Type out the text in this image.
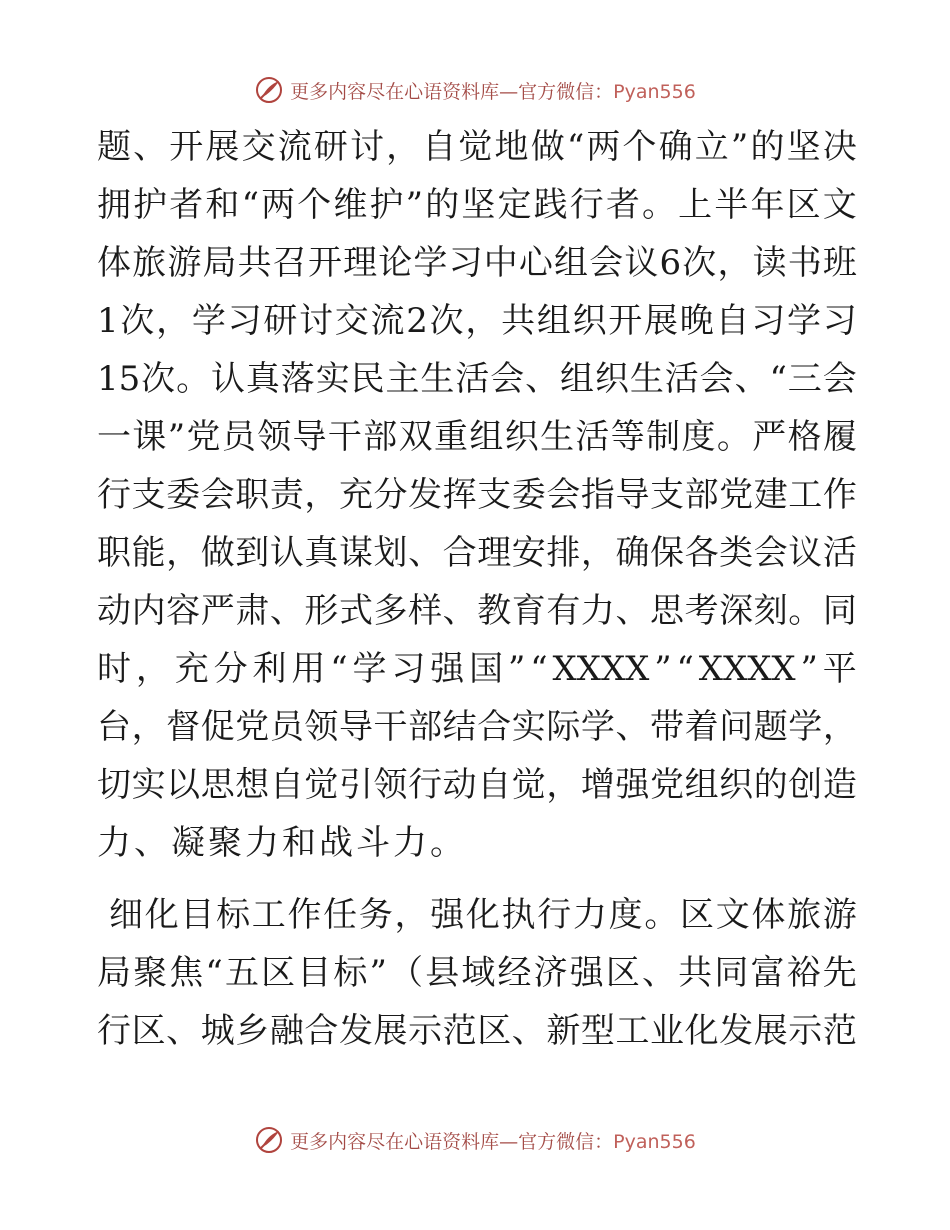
更多内容尽在心语资料库—官方微信：Pyan556
题 、 开 展 交 流 研 讨 ， 自 觉 地 做 “ 两 个 确 立 ” 的 坚 决
拥 护 者 和 “ 两 个 维 护 ” 的 坚 定 践 行 者 。 上 半 年 区 文
体 旅 游 局 共 召 开 理 论 学 习 中 心 组 会 议 6 次 ， 读 书 班
1 次 ， 学 习 研 讨 交 流 2 次 ， 共 组 织 开 展 晚 自 习 学 习
15 次 。 认 真 落 实 民 主 生 活 会 、 组 织 生 活 会 、 “ 三 会
一 课 ” 党 员 领 导 干 部 双 重 组 织 生 活 等 制 度 。 严 格 履
行 支 委 会 职 责 ， 充 分 发 挥 支 委 会 指 导 支 部 党 建 工 作
职 能 ， 做 到 认 真 谋 划 、 合 理 安 排 ， 确 保 各 类 会 议 活
动 内 容 严 肃 、 形 式 多 样 、 教 育 有 力 、 思 考 深 刻 。 同
时 ， 充 分 利 用 “ 学 习 强 国 ” “ XXXX ” “ XXXX ” 平
台 ， 督 促 党 员 领 导 干 部 结 合 实 际 学 、 带 着 问 题 学 ，
切 实 以 思 想 自 觉 引 领 行 动 自 觉 ， 增 强 党 组 织 的 创 造
力、凝聚力和战斗力。
细 化 目 标 工 作 任 务 ， 强 化 执 行 力 度 。 区 文 体 旅 游
局 聚 焦 “ 五 区 目 标 ” （ 县 域 经 济 强 区 、 共 同 富 裕 先
行 区 、 城 乡 融 合 发 展 示 范 区 、 新 型 工 业 化 发 展 示 范
更多内容尽在心语资料库—官方微信：Pyan556
